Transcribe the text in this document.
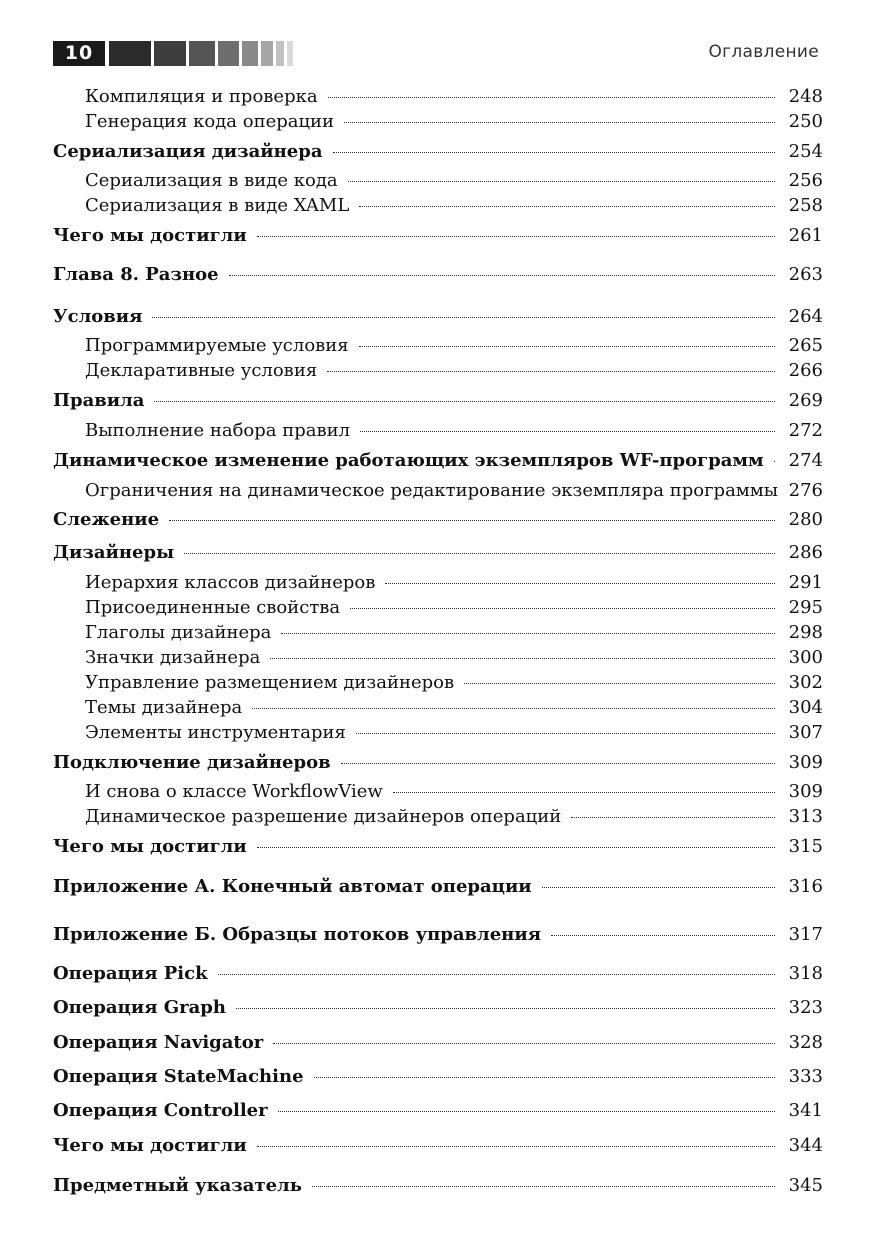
10	Оглавление
Компиляция и проверка	248
Генерация кода операции	250
Сериализация дизайнера	254
Сериализация в виде кода	256
Сериализация в виде XAML	258
Чего мы достигли	261
Глава 8. Разное	263
Условия	264
Программируемые условия	265
Декларативные условия	266
Правила	269
Выполнение набора правил	272
Динамическое изменение работающих экземпляров WF-программ	274
Ограничения на динамическое редактирование экземпляра программы 276
Слежение	280
Дизайнеры	286
Иерархия классов дизайнеров	291
Присоединенные свойства	295
Глаголы дизайнера	298
Значки дизайнера	300
Управление размещением дизайнеров	302
Темы дизайнера	304
Элементы инструментария	307
Подключение дизайнеров	309
И снова о классе WorkflowView	309
Динамическое разрешение дизайнеров операций	313
Чего мы достигли	315
Приложение А. Конечный автомат операции	316
Приложение Б. Образцы потоков управления	317
Операция Pick	318
Операция Graph	323
Операция Navigator	328
Операция StateMachine	333
Операция Controller	341
Чего мы достигли	344
Предметный указатель	345
